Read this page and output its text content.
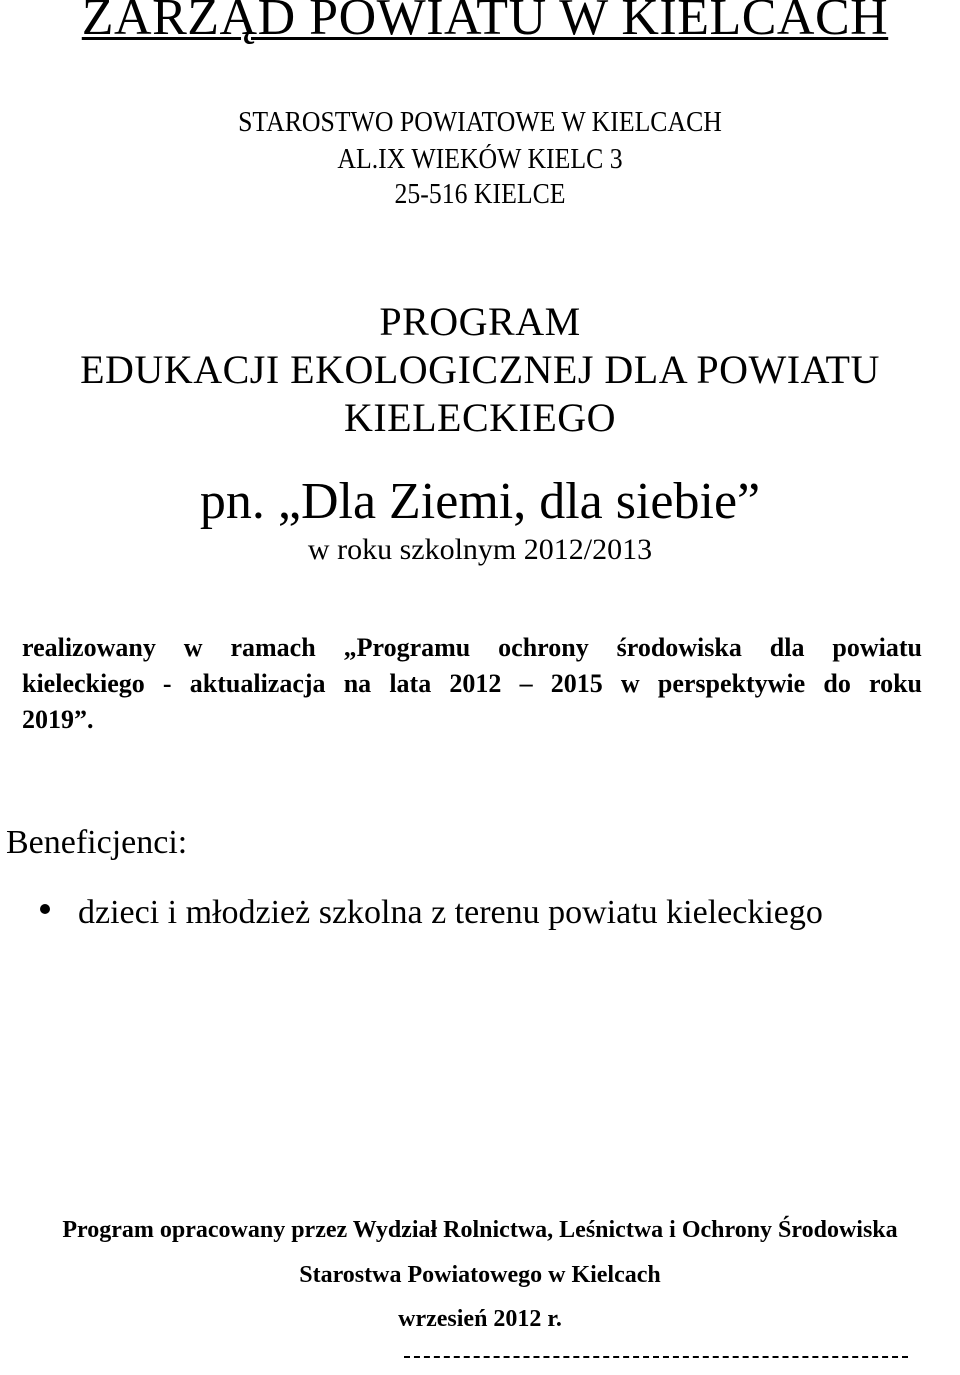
ZARZĄD POWIATU W KIELCACH
STAROSTWO POWIATOWE W KIELCACH
AL.IX WIEKÓW KIELC 3
25-516 KIELCE
PROGRAM
EDUKACJI EKOLOGICZNEJ DLA POWIATU
KIELECKIEGO
pn. „Dla Ziemi, dla siebie”
w roku szkolnym 2012/2013
realizowany w ramach „Programu ochrony środowiska dla powiatu
kieleckiego - aktualizacja na lata 2012 – 2015 w perspektywie do roku
2019”.
Beneficjenci:
dzieci i młodzież szkolna z terenu powiatu kieleckiego
Program opracowany przez Wydział Rolnictwa, Leśnictwa i Ochrony Środowiska
Starostwa Powiatowego w Kielcach
wrzesień 2012 r.
